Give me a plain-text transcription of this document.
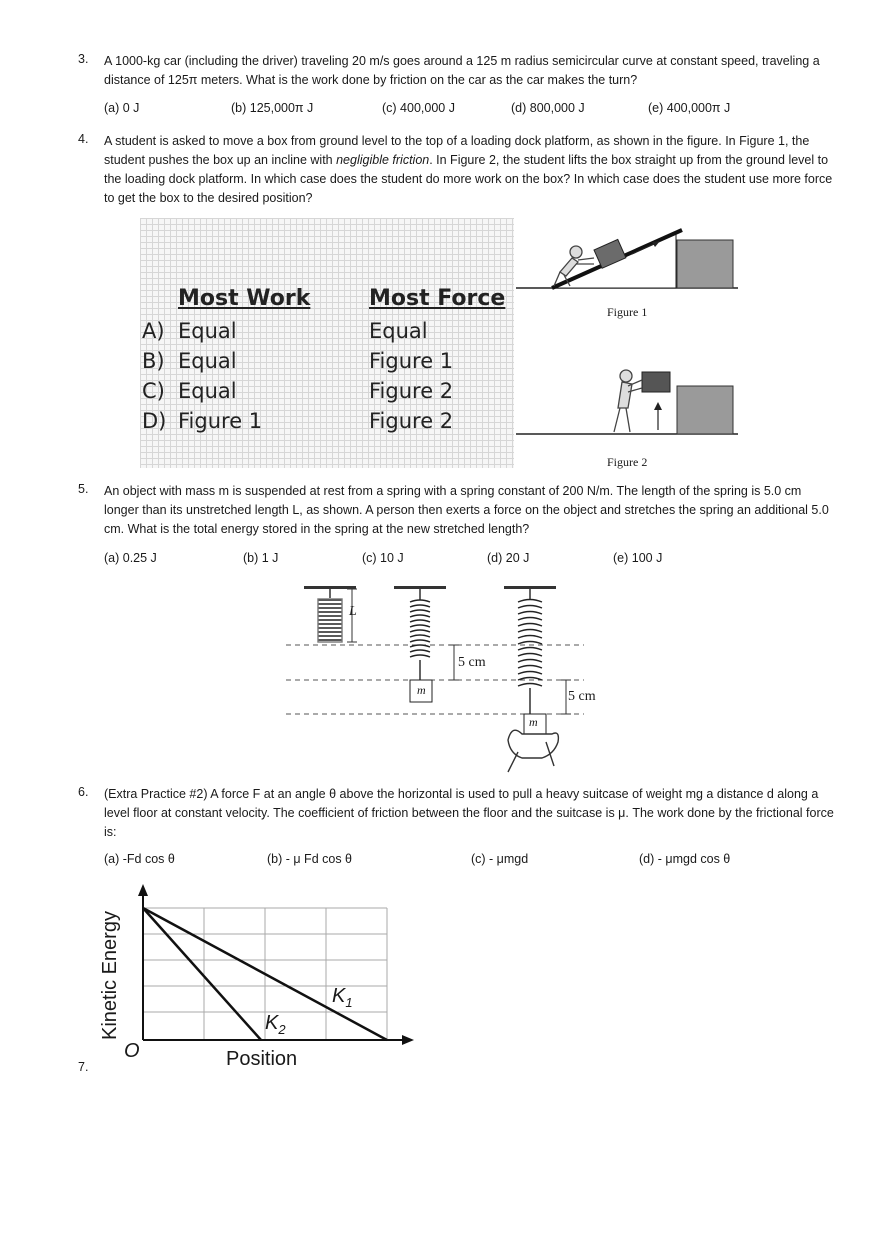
3. A 1000-kg car (including the driver) traveling 20 m/s goes around a 125 m radius semicircular curve at constant speed, traveling a distance of 125π meters. What is the work done by friction on the car as the car makes the turn?
(a) 0 J	(b) 125,000π J	(c) 400,000 J	(d) 800,000 J	(e) 400,000π J
4. A student is asked to move a box from ground level to the top of a loading dock platform, as shown in the figure. In Figure 1, the student pushes the box up an incline with negligible friction. In Figure 2, the student lifts the box straight up from the ground level to the loading dock platform. In which case does the student do more work on the box? In which case does the student use more force to get the box to the desired position?
Most Work	Most Force
A) Equal	Equal
B) Equal	Figure 1
C) Equal	Figure 2
D) Figure 1	Figure 2
Figure 1
Figure 2
5. An object with mass m is suspended at rest from a spring with a spring constant of 200 N/m. The length of the spring is 5.0 cm longer than its unstretched length L, as shown. A person then exerts a force on the object and stretches the spring an additional 5.0 cm. What is the total energy stored in the spring at the new stretched length?
(a) 0.25 J	(b) 1 J	(c) 10 J	(d) 20 J	(e) 100 J
L
m
m
5 cm
5 cm
6. (Extra Practice #2) A force F at an angle θ above the horizontal is used to pull a heavy suitcase of weight mg a distance d along a level floor at constant velocity. The coefficient of friction between the floor and the suitcase is μ. The work done by the frictional force is:
(a) -Fd cos θ	(b) - μ Fd cos θ	(c) - μmgd	(d) - μmgd cos θ
Kinetic Energy
Position
O
$K_1$
$K_2$
7.
